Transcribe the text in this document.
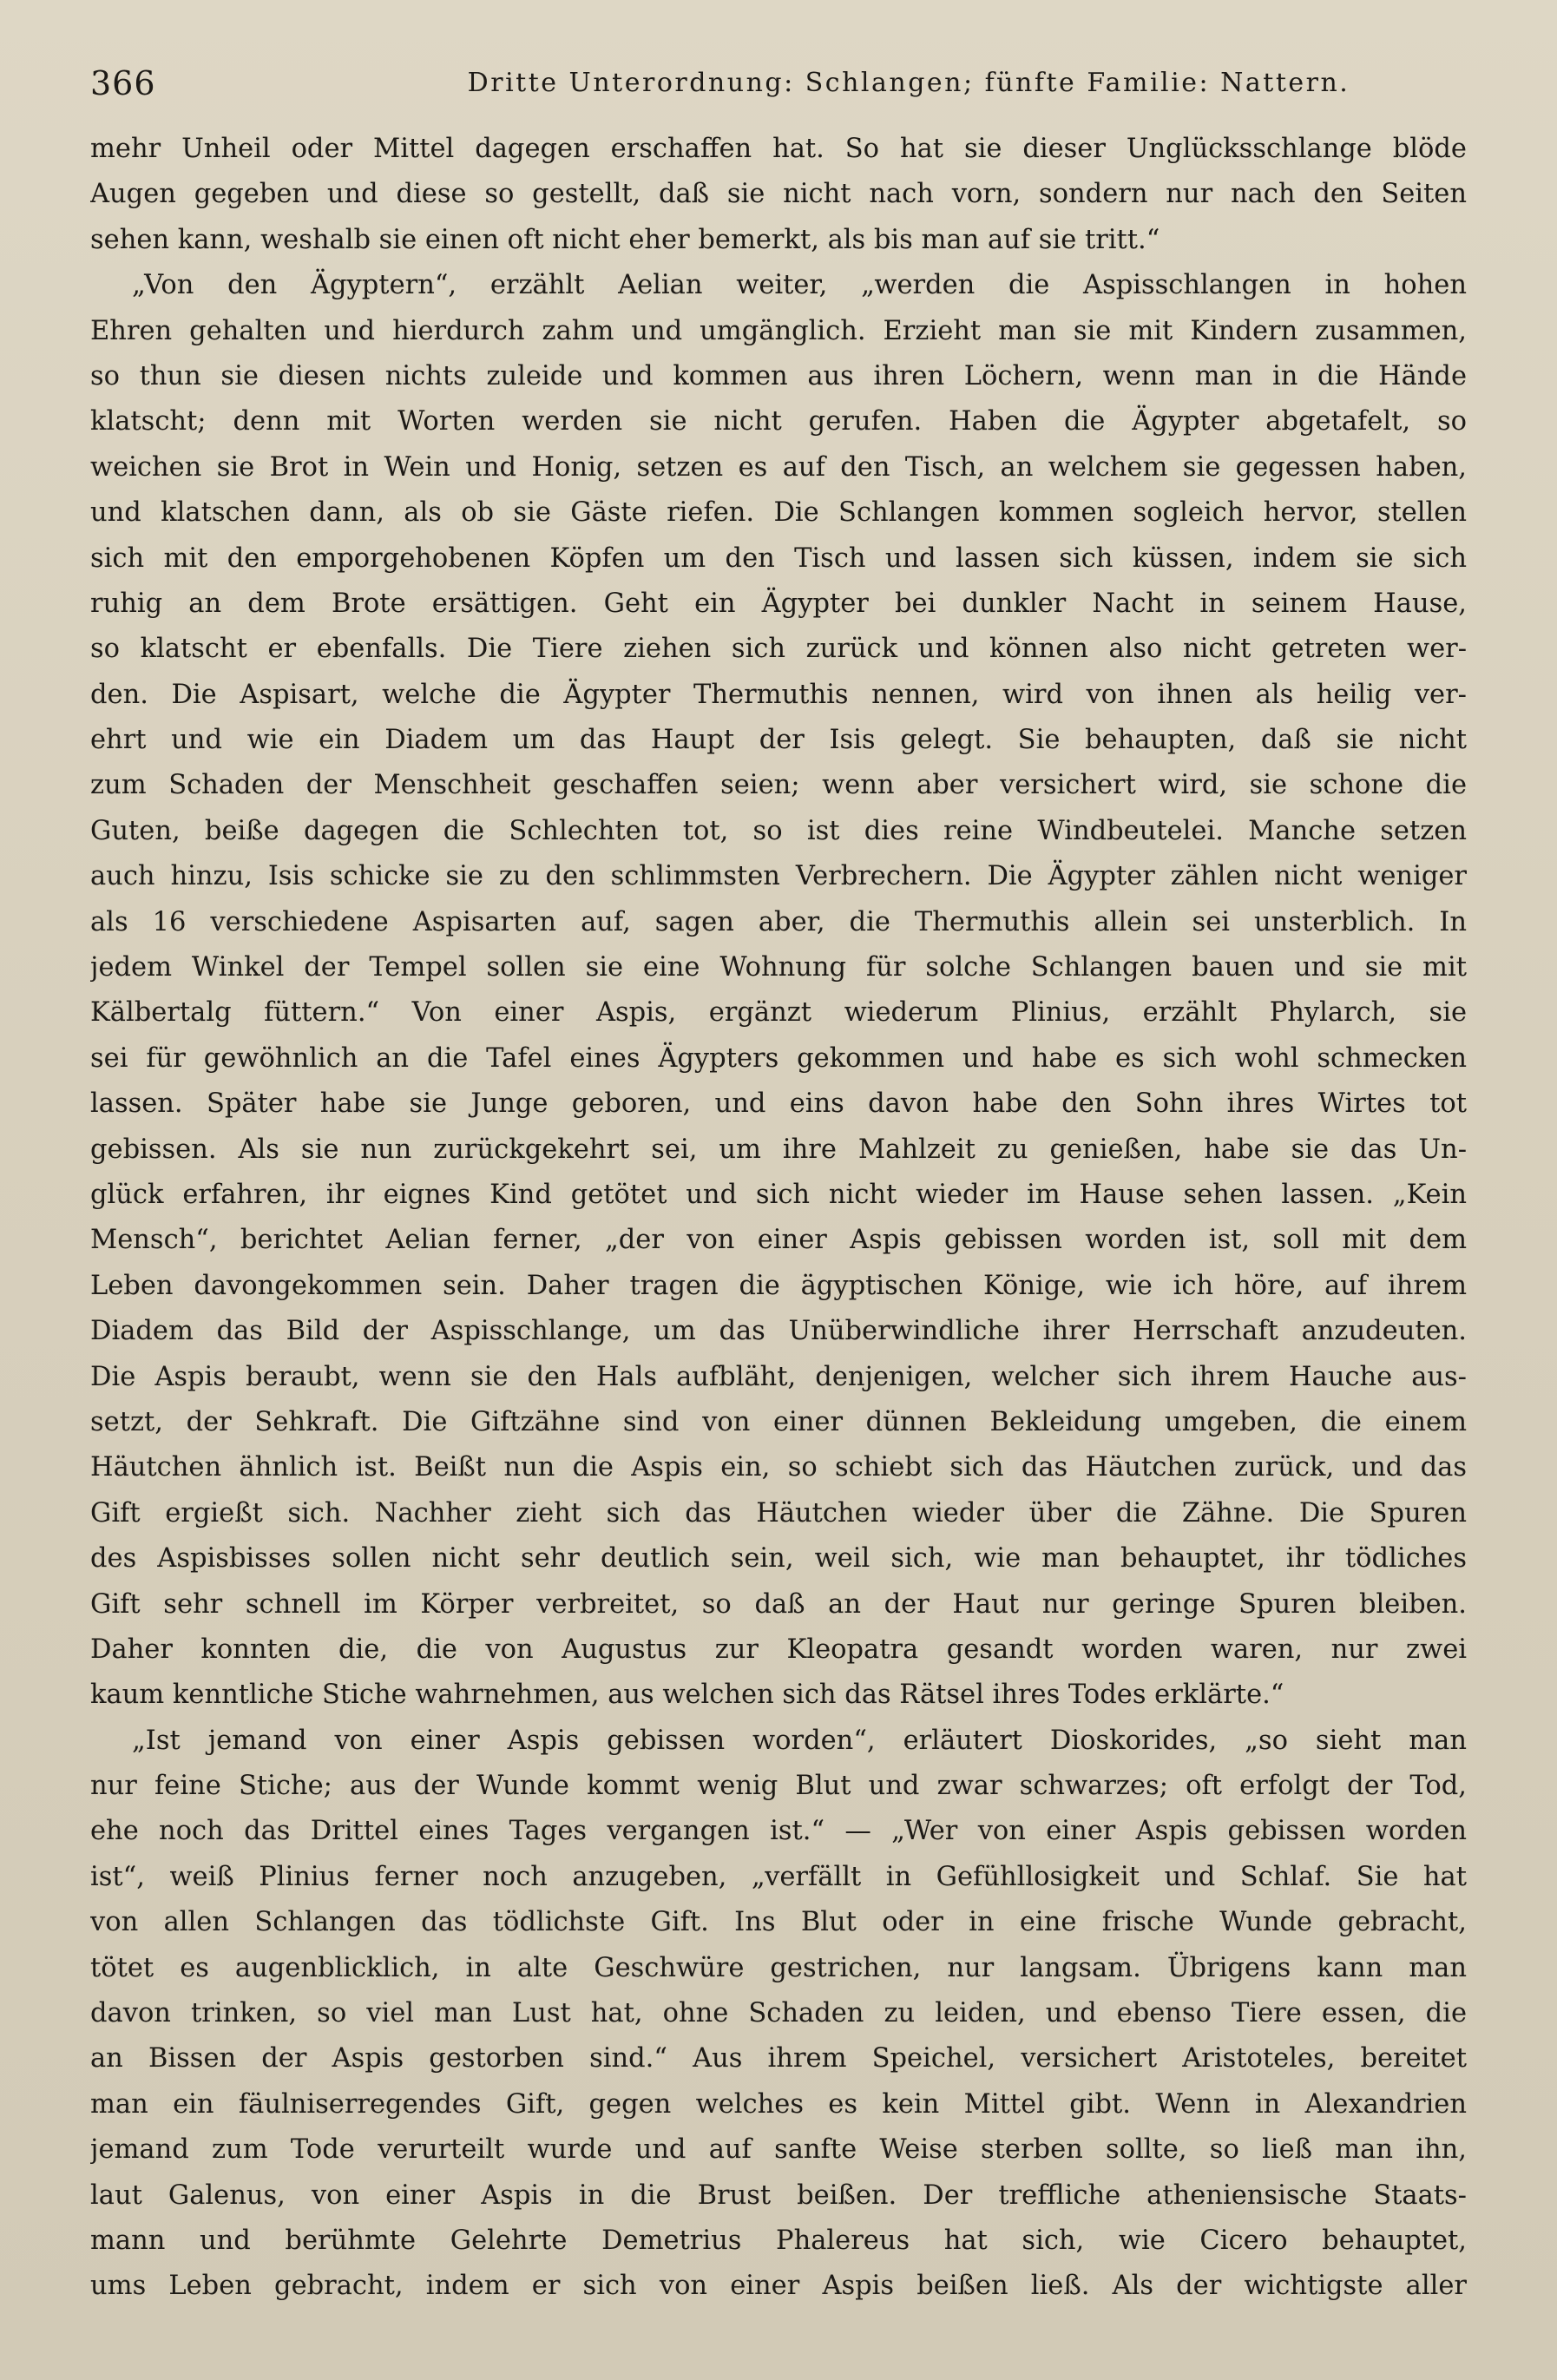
366	Dritte Unterordnung: Schlangen; fünfte Familie: Nattern.
mehr Unheil oder Mittel dagegen erschaffen hat. So hat sie dieser Unglücksschlange blöde
Augen gegeben und diese so gestellt, daß sie nicht nach vorn, sondern nur nach den Seiten
sehen kann, weshalb sie einen oft nicht eher bemerkt, als bis man auf sie tritt.“
„Von den Ägyptern“, erzählt Aelian weiter, „werden die Aspisschlangen in hohen
Ehren gehalten und hierdurch zahm und umgänglich. Erzieht man sie mit Kindern zusammen,
so thun sie diesen nichts zuleide und kommen aus ihren Löchern, wenn man in die Hände
klatscht; denn mit Worten werden sie nicht gerufen. Haben die Ägypter abgetafelt, so
weichen sie Brot in Wein und Honig, setzen es auf den Tisch, an welchem sie gegessen haben,
und klatschen dann, als ob sie Gäste riefen. Die Schlangen kommen sogleich hervor, stellen
sich mit den emporgehobenen Köpfen um den Tisch und lassen sich küssen, indem sie sich
ruhig an dem Brote ersättigen. Geht ein Ägypter bei dunkler Nacht in seinem Hause,
so klatscht er ebenfalls. Die Tiere ziehen sich zurück und können also nicht getreten wer-
den. Die Aspisart, welche die Ägypter Thermuthis nennen, wird von ihnen als heilig ver-
ehrt und wie ein Diadem um das Haupt der Isis gelegt. Sie behaupten, daß sie nicht
zum Schaden der Menschheit geschaffen seien; wenn aber versichert wird, sie schone die
Guten, beiße dagegen die Schlechten tot, so ist dies reine Windbeutelei. Manche setzen
auch hinzu, Isis schicke sie zu den schlimmsten Verbrechern. Die Ägypter zählen nicht weniger
als 16 verschiedene Aspisarten auf, sagen aber, die Thermuthis allein sei unsterblich. In
jedem Winkel der Tempel sollen sie eine Wohnung für solche Schlangen bauen und sie mit
Kälbertalg füttern.“ Von einer Aspis, ergänzt wiederum Plinius, erzählt Phylarch, sie
sei für gewöhnlich an die Tafel eines Ägypters gekommen und habe es sich wohl schmecken
lassen. Später habe sie Junge geboren, und eins davon habe den Sohn ihres Wirtes tot
gebissen. Als sie nun zurückgekehrt sei, um ihre Mahlzeit zu genießen, habe sie das Un-
glück erfahren, ihr eignes Kind getötet und sich nicht wieder im Hause sehen lassen. „Kein
Mensch“, berichtet Aelian ferner, „der von einer Aspis gebissen worden ist, soll mit dem
Leben davongekommen sein. Daher tragen die ägyptischen Könige, wie ich höre, auf ihrem
Diadem das Bild der Aspisschlange, um das Unüberwindliche ihrer Herrschaft anzudeuten.
Die Aspis beraubt, wenn sie den Hals aufbläht, denjenigen, welcher sich ihrem Hauche aus-
setzt, der Sehkraft. Die Giftzähne sind von einer dünnen Bekleidung umgeben, die einem
Häutchen ähnlich ist. Beißt nun die Aspis ein, so schiebt sich das Häutchen zurück, und das
Gift ergießt sich. Nachher zieht sich das Häutchen wieder über die Zähne. Die Spuren
des Aspisbisses sollen nicht sehr deutlich sein, weil sich, wie man behauptet, ihr tödliches
Gift sehr schnell im Körper verbreitet, so daß an der Haut nur geringe Spuren bleiben.
Daher konnten die, die von Augustus zur Kleopatra gesandt worden waren, nur zwei
kaum kenntliche Stiche wahrnehmen, aus welchen sich das Rätsel ihres Todes erklärte.“
„Ist jemand von einer Aspis gebissen worden“, erläutert Dioskorides, „so sieht man
nur feine Stiche; aus der Wunde kommt wenig Blut und zwar schwarzes; oft erfolgt der Tod,
ehe noch das Drittel eines Tages vergangen ist.“ — „Wer von einer Aspis gebissen worden
ist“, weiß Plinius ferner noch anzugeben, „verfällt in Gefühllosigkeit und Schlaf. Sie hat
von allen Schlangen das tödlichste Gift. Ins Blut oder in eine frische Wunde gebracht,
tötet es augenblicklich, in alte Geschwüre gestrichen, nur langsam. Übrigens kann man
davon trinken, so viel man Lust hat, ohne Schaden zu leiden, und ebenso Tiere essen, die
an Bissen der Aspis gestorben sind.“ Aus ihrem Speichel, versichert Aristoteles, bereitet
man ein fäulniserregendes Gift, gegen welches es kein Mittel gibt. Wenn in Alexandrien
jemand zum Tode verurteilt wurde und auf sanfte Weise sterben sollte, so ließ man ihn,
laut Galenus, von einer Aspis in die Brust beißen. Der treffliche atheniensische Staats-
mann und berühmte Gelehrte Demetrius Phalereus hat sich, wie Cicero behauptet,
ums Leben gebracht, indem er sich von einer Aspis beißen ließ. Als der wichtigste aller
